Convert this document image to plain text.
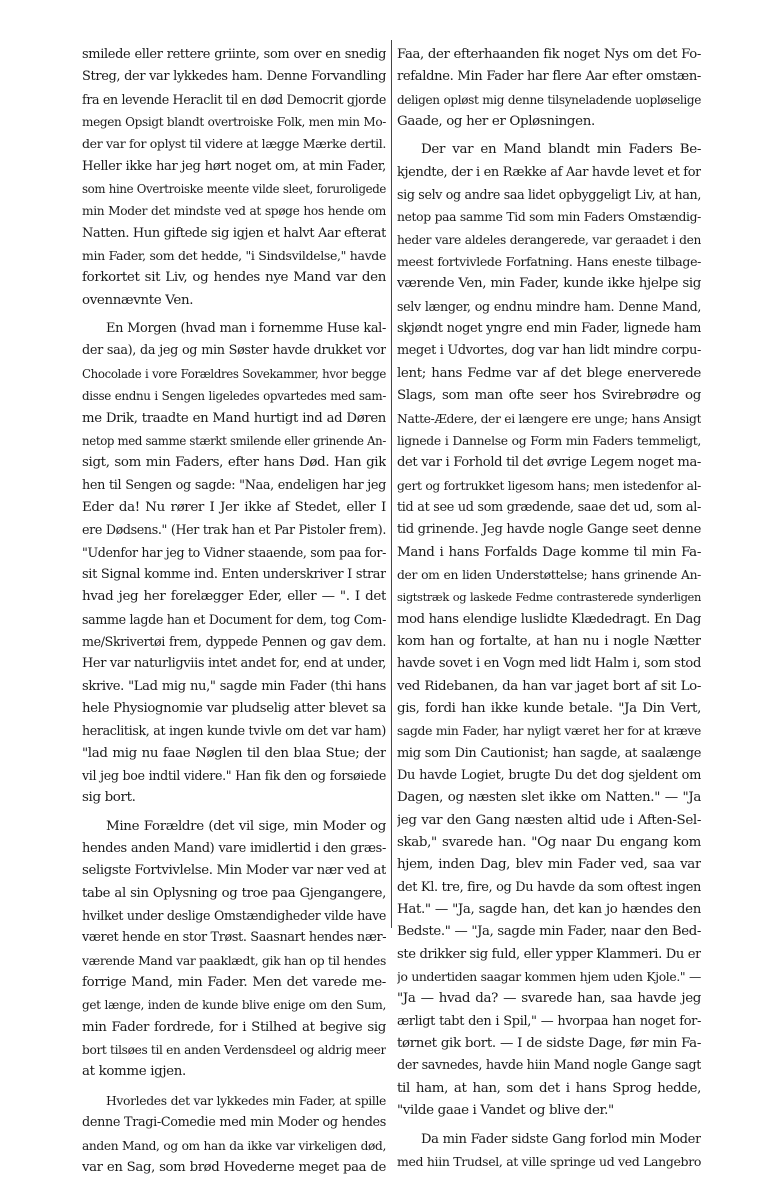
smilede eller rettere griinte, som over en snedig
Streg, der var lykkedes ham. Denne Forvandling
fra en levende Heraclit til en død Democrit gjorde
megen Opsigt blandt overtroiske Folk, men min Mo-
der var for oplyst til videre at lægge Mærke dertil.
Heller ikke har jeg hørt noget om, at min Fader,
som hine Overtroiske meente vilde sleet, foruroligede
min Moder det mindste ved at spøge hos hende om
Natten. Hun giftede sig igjen et halvt Aar efterat
min Fader, som det hedde, "i Sindsvildelse," havde
forkortet sit Liv, og hendes nye Mand var den
ovennævnte Ven.
En Morgen (hvad man i fornemme Huse kal-
der saa), da jeg og min Søster havde drukket vor
Chocolade i vore Forældres Sovekammer, hvor begge
disse endnu i Sengen ligeledes opvartedes med sam-
me Drik, traadte en Mand hurtigt ind ad Døren
netop med samme stærkt smilende eller grinende An-
sigt, som min Faders, efter hans Død. Han gik
hen til Sengen og sagde: "Naa, endeligen har jeg
Eder da! Nu rører I Jer ikke af Stedet, eller I
ere Dødsens." (Her trak han et Par Pistoler frem).
"Udenfor har jeg to Vidner staaende, som paa for-
sit Signal komme ind. Enten underskriver I strar
hvad jeg her forelægger Eder, eller — ". I det
samme lagde han et Document for dem, tog Com-
me/Skrivertøi frem, dyppede Pennen og gav dem.
Her var naturligviis intet andet for, end at under,
skrive. "Lad mig nu," sagde min Fader (thi hans
hele Physiognomie var pludselig atter blevet sa
heraclitisk, at ingen kunde tvivle om det var ham)
"lad mig nu faae Nøglen til den blaa Stue; der
vil jeg boe indtil videre." Han fik den og forsøiede
sig bort.
Mine Forældre (det vil sige, min Moder og
hendes anden Mand) vare imidlertid i den græs-
seligste Fortvivlelse. Min Moder var nær ved at
tabe al sin Oplysning og troe paa Gjengangere,
hvilket under deslige Omstændigheder vilde have
været hende en stor Trøst. Saasnart hendes nær-
værende Mand var paaklædt, gik han op til hendes
forrige Mand, min Fader. Men det varede me-
get længe, inden de kunde blive enige om den Sum,
min Fader fordrede, for i Stilhed at begive sig
bort tilsøes til en anden Verdensdeel og aldrig meer
at komme igjen.
Hvorledes det var lykkedes min Fader, at spille
denne Tragi-Comedie med min Moder og hendes
anden Mand, og om han da ikke var virkeligen død,
var en Sag, som brød Hovederne meget paa de
Faa, der efterhaanden fik noget Nys om det Fo-
refaldne. Min Fader har flere Aar efter omstæn-
deligen opløst mig denne tilsyneladende uopløselige
Gaade, og her er Opløsningen.
Der var en Mand blandt min Faders Be-
kjendte, der i en Række af Aar havde levet et for
sig selv og andre saa lidet opbyggeligt Liv, at han,
netop paa samme Tid som min Faders Omstændig-
heder vare aldeles derangerede, var geraadet i den
meest fortvivlede Forfatning. Hans eneste tilbage-
værende Ven, min Fader, kunde ikke hjelpe sig
selv længer, og endnu mindre ham. Denne Mand,
skjøndt noget yngre end min Fader, lignede ham
meget i Udvortes, dog var han lidt mindre corpu-
lent; hans Fedme var af det blege enerverede
Slags, som man ofte seer hos Svirebrødre og
Natte-Ædere, der ei længere ere unge; hans Ansigt
lignede i Dannelse og Form min Faders temmeligt,
det var i Forhold til det øvrige Legem noget ma-
gert og fortrukket ligesom hans; men istedenfor al-
tid at see ud som grædende, saae det ud, som al-
tid grinende. Jeg havde nogle Gange seet denne
Mand i hans Forfalds Dage komme til min Fa-
der om en liden Understøttelse; hans grinende An-
sigtstræk og laskede Fedme contrasterede synderligen
mod hans elendige luslidte Klædedragt. En Dag
kom han og fortalte, at han nu i nogle Nætter
havde sovet i en Vogn med lidt Halm i, som stod
ved Ridebanen, da han var jaget bort af sit Lo-
gis, fordi han ikke kunde betale. "Ja Din Vert,
sagde min Fader, har nyligt været her for at kræve
mig som Din Cautionist; han sagde, at saalænge
Du havde Logiet, brugte Du det dog sjeldent om
Dagen, og næsten slet ikke om Natten." — "Ja
jeg var den Gang næsten altid ude i Aften-Sel-
skab," svarede han. "Og naar Du engang kom
hjem, inden Dag, blev min Fader ved, saa var
det Kl. tre, fire, og Du havde da som oftest ingen
Hat." — "Ja, sagde han, det kan jo hændes den
Bedste." — "Ja, sagde min Fader, naar den Bed-
ste drikker sig fuld, eller ypper Klammeri. Du er
jo undertiden saagar kommen hjem uden Kjole." —
"Ja — hvad da? — svarede han, saa havde jeg
ærligt tabt den i Spil," — hvorpaa han noget for-
tørnet gik bort. — I de sidste Dage, før min Fa-
der savnedes, havde hiin Mand nogle Gange sagt
til ham, at han, som det i hans Sprog hedde,
"vilde gaae i Vandet og blive der."
Da min Fader sidste Gang forlod min Moder
med hiin Trudsel, at ville springe ud ved Langebro
